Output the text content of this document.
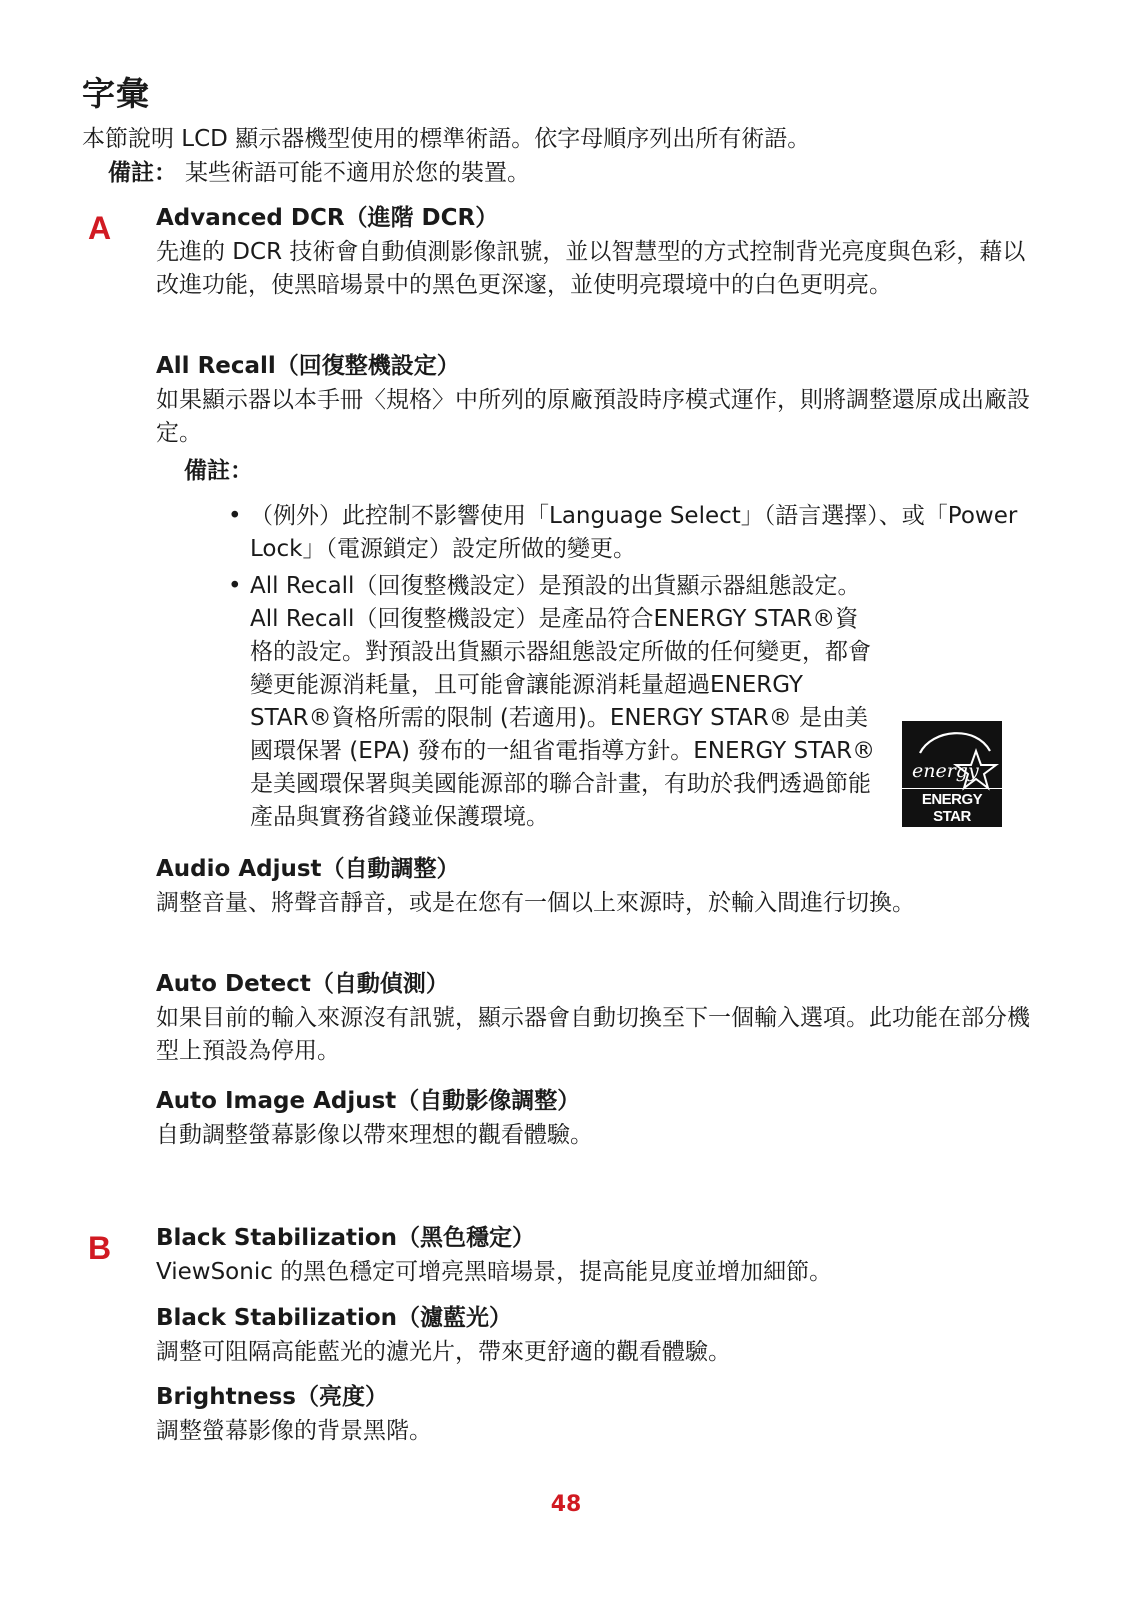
字彙
本節說明 LCD 顯示器機型使用的標準術語。依字母順序列出所有術語。
備註： 某些術語可能不適用於您的裝置。
A Advanced DCR（進階 DCR）
先進的 DCR 技術會自動偵測影像訊號，並以智慧型的方式控制背光亮度與色彩，藉以改進功能，使黑暗場景中的黑色更深邃，並使明亮環境中的白色更明亮。
All Recall（回復整機設定）
如果顯示器以本手冊〈規格〉中所列的原廠預設時序模式運作，則將調整還原成出廠設定。
備註：
• （例外）此控制不影響使用「Language Select」（語言選擇）、或「Power Lock」（電源鎖定）設定所做的變更。
• All Recall（回復整機設定）是預設的出貨顯示器組態設定。All Recall（回復整機設定）是產品符合ENERGY STAR®資格的設定。對預設出貨顯示器組態設定所做的任何變更，都會變更能源消耗量，且可能會讓能源消耗量超過ENERGY STAR®資格所需的限制 (若適用)。ENERGY STAR® 是由美國環保署 (EPA) 發布的一組省電指導方針。ENERGY STAR® 是美國環保署與美國能源部的聯合計畫，有助於我們透過節能產品與實務省錢並保護環境。
energy
ENERGY STAR
Audio Adjust（自動調整）
調整音量、將聲音靜音，或是在您有一個以上來源時，於輸入間進行切換。
Auto Detect（自動偵測）
如果目前的輸入來源沒有訊號，顯示器會自動切換至下一個輸入選項。此功能在部分機型上預設為停用。
Auto Image Adjust（自動影像調整）
自動調整螢幕影像以帶來理想的觀看體驗。
B Black Stabilization（黑色穩定）
ViewSonic 的黑色穩定可增亮黑暗場景，提高能見度並增加細節。
Black Stabilization（濾藍光）
調整可阻隔高能藍光的濾光片，帶來更舒適的觀看體驗。
Brightness（亮度）
調整螢幕影像的背景黑階。
48
